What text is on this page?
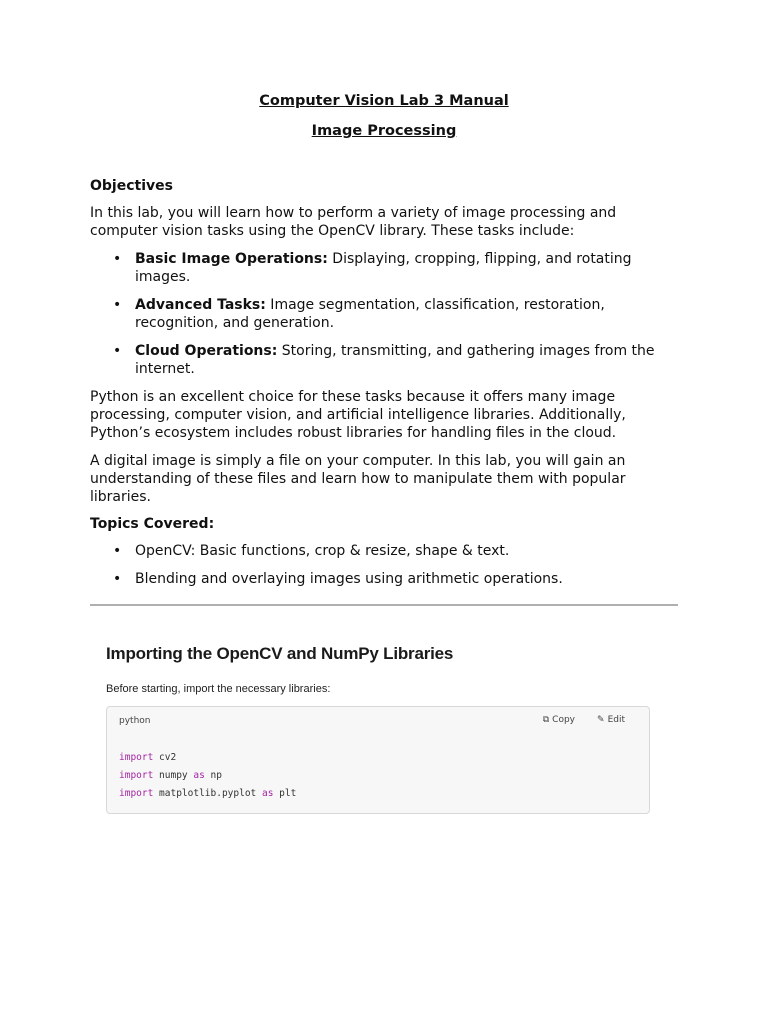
Computer Vision Lab 3 Manual

Image Processing

Objectives

In this lab, you will learn how to perform a variety of image processing and computer vision tasks using the OpenCV library. These tasks include:

• Basic Image Operations: Displaying, cropping, flipping, and rotating images.
• Advanced Tasks: Image segmentation, classification, restoration, recognition, and generation.
• Cloud Operations: Storing, transmitting, and gathering images from the internet.

Python is an excellent choice for these tasks because it offers many image processing, computer vision, and artificial intelligence libraries. Additionally, Python’s ecosystem includes robust libraries for handling files in the cloud.

A digital image is simply a file on your computer. In this lab, you will gain an understanding of these files and learn how to manipulate them with popular libraries.

Topics Covered:
• OpenCV: Basic functions, crop & resize, shape & text.
• Blending and overlaying images using arithmetic operations.
Importing the OpenCV and NumPy Libraries

Before starting, import the necessary libraries:

python	⧉ Copy ✎ Edit
import cv2
import numpy as np
import matplotlib.pyplot as plt
